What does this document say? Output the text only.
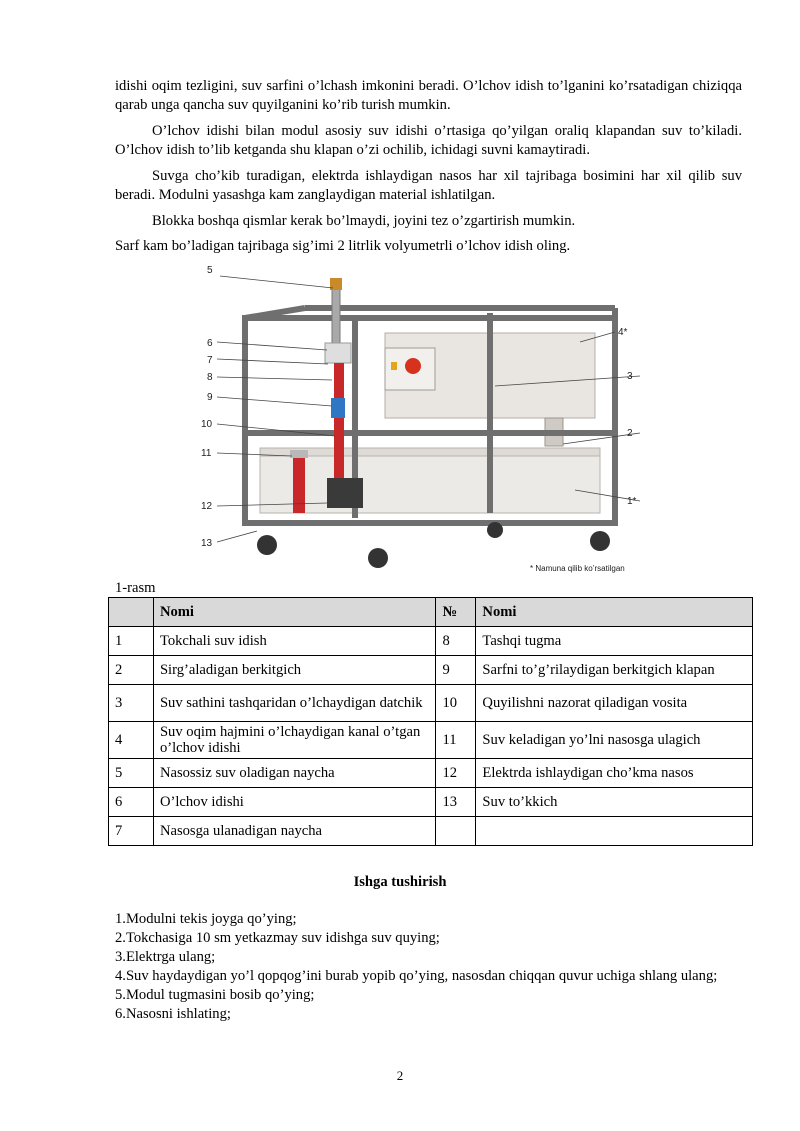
idishi oqim tezligini, suv sarfini o’lchash imkonini beradi. O’lchov idish to’lganini ko’rsatadigan chiziqqa qarab unga qancha suv quyilganini ko’rib turish mumkin.
O’lchov idishi bilan modul asosiy suv idishi o’rtasiga qo’yilgan oraliq klapandan suv to’kiladi. O’lchov idish to’lib ketganda shu klapan o’zi ochilib, ichidagi suvni kamaytiradi.
Suvga cho’kib turadigan, elektrda ishlaydigan nasos har xil tajribaga bosimini har xil qilib suv beradi. Modulni yasashga kam zanglaydigan material ishlatilgan.
Blokka boshqa qismlar kerak bo’lmaydi, joyini tez o’zgartirish mumkin.
Sarf kam bo’ladigan tajribaga sig’imi 2 litrlik volyumetrli o’lchov idish oling.
5
6
7
8
9
10
11
12
13
4*
3
2
1*
* Namuna qilib ko’rsatilgan
1-rasm
	Nomi	№	Nomi
1	Tokchali suv idish	8	Tashqi tugma
2	Sirg’aladigan berkitgich	9	Sarfni to’g’rilaydigan berkitgich klapan
3	Suv sathini tashqaridan o’lchaydigan datchik	10	Quyilishni nazorat qiladigan vosita
4	Suv oqim hajmini o’lchaydigan kanal o’tgan o’lchov idishi	11	Suv keladigan yo’lni nasosga ulagich
5	Nasossiz suv oladigan naycha	12	Elektrda ishlaydigan cho’kma nasos
6	O’lchov idishi	13	Suv to’kkich
7	Nasosga ulanadigan naycha		
Ishga tushirish
1.Modulni tekis joyga qo’ying;
2.Tokchasiga 10 sm yetkazmay suv idishga suv quying;
3.Elektrga ulang;
4.Suv haydaydigan yo’l qopqog’ini burab yopib qo’ying, nasosdan chiqqan quvur uchiga shlang ulang;
5.Modul tugmasini bosib qo’ying;
6.Nasosni ishlating;
2
